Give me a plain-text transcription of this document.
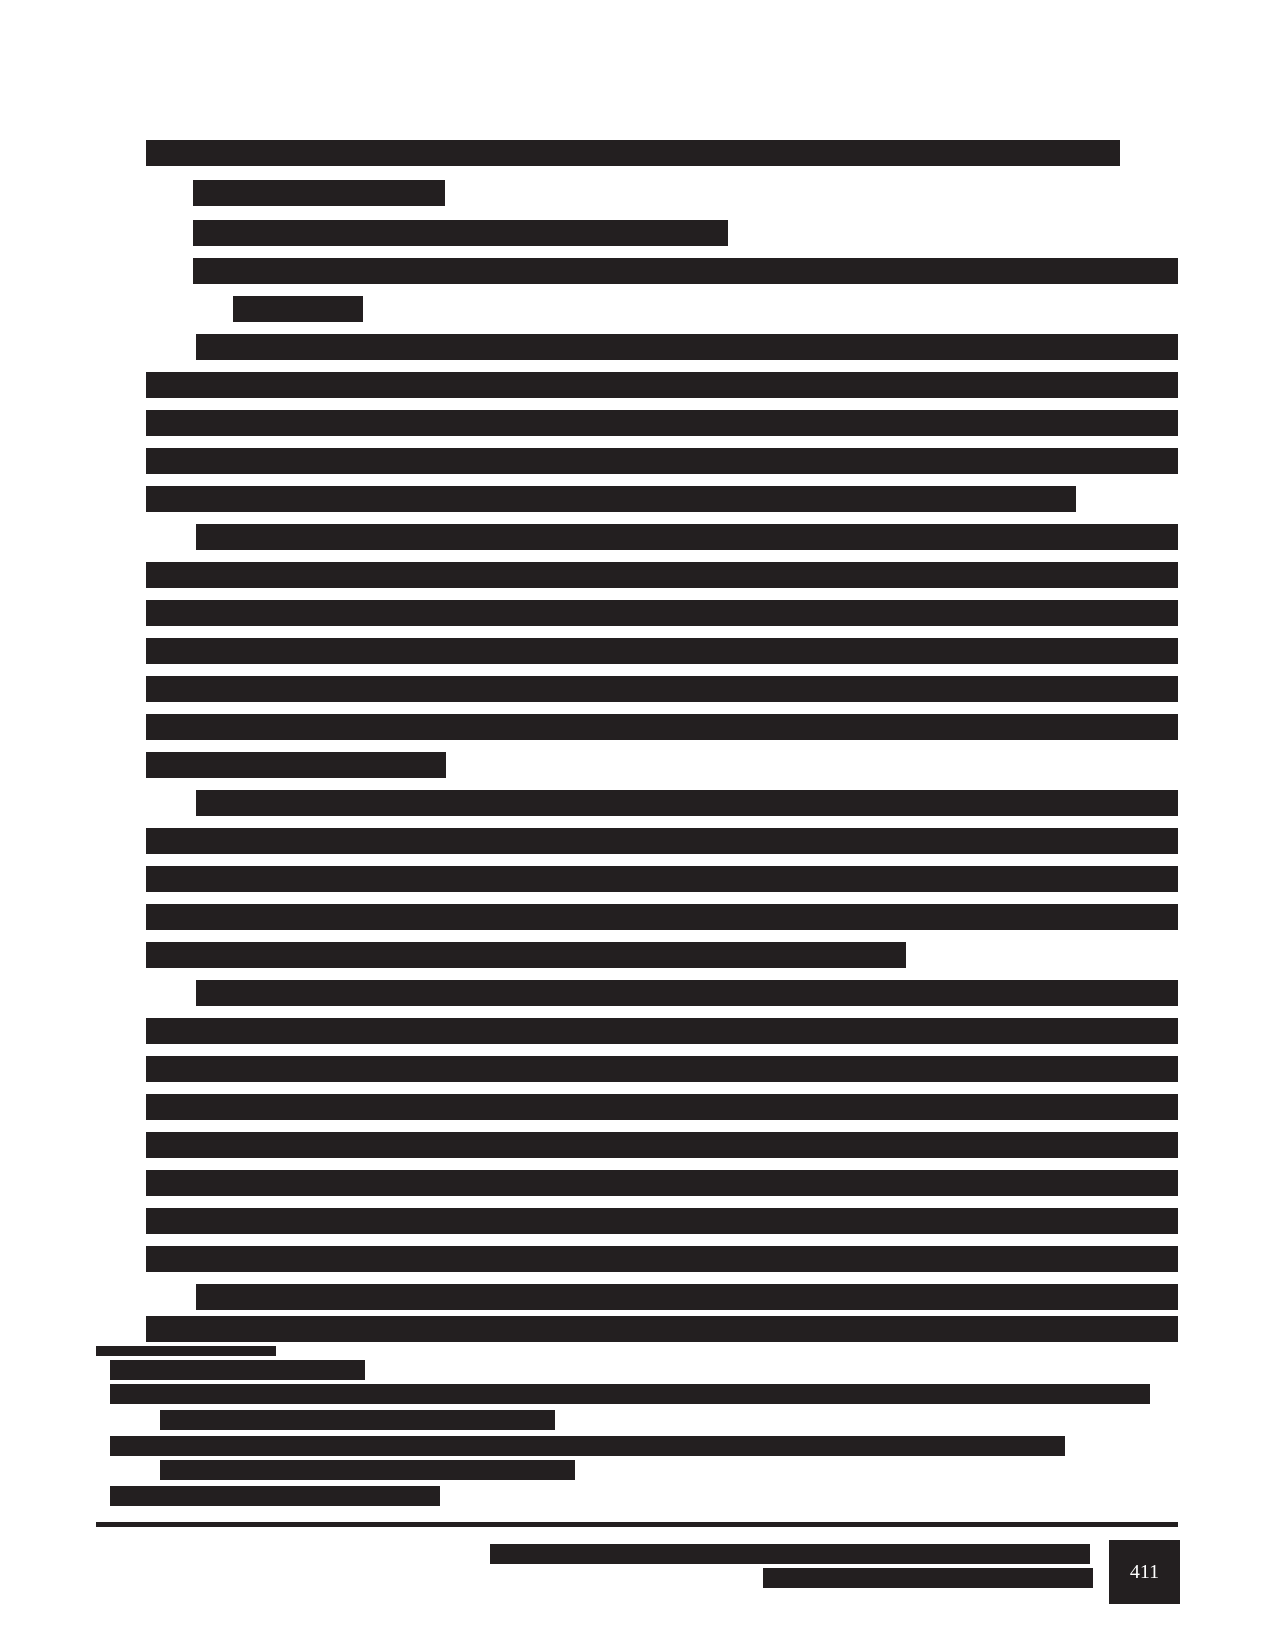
411
